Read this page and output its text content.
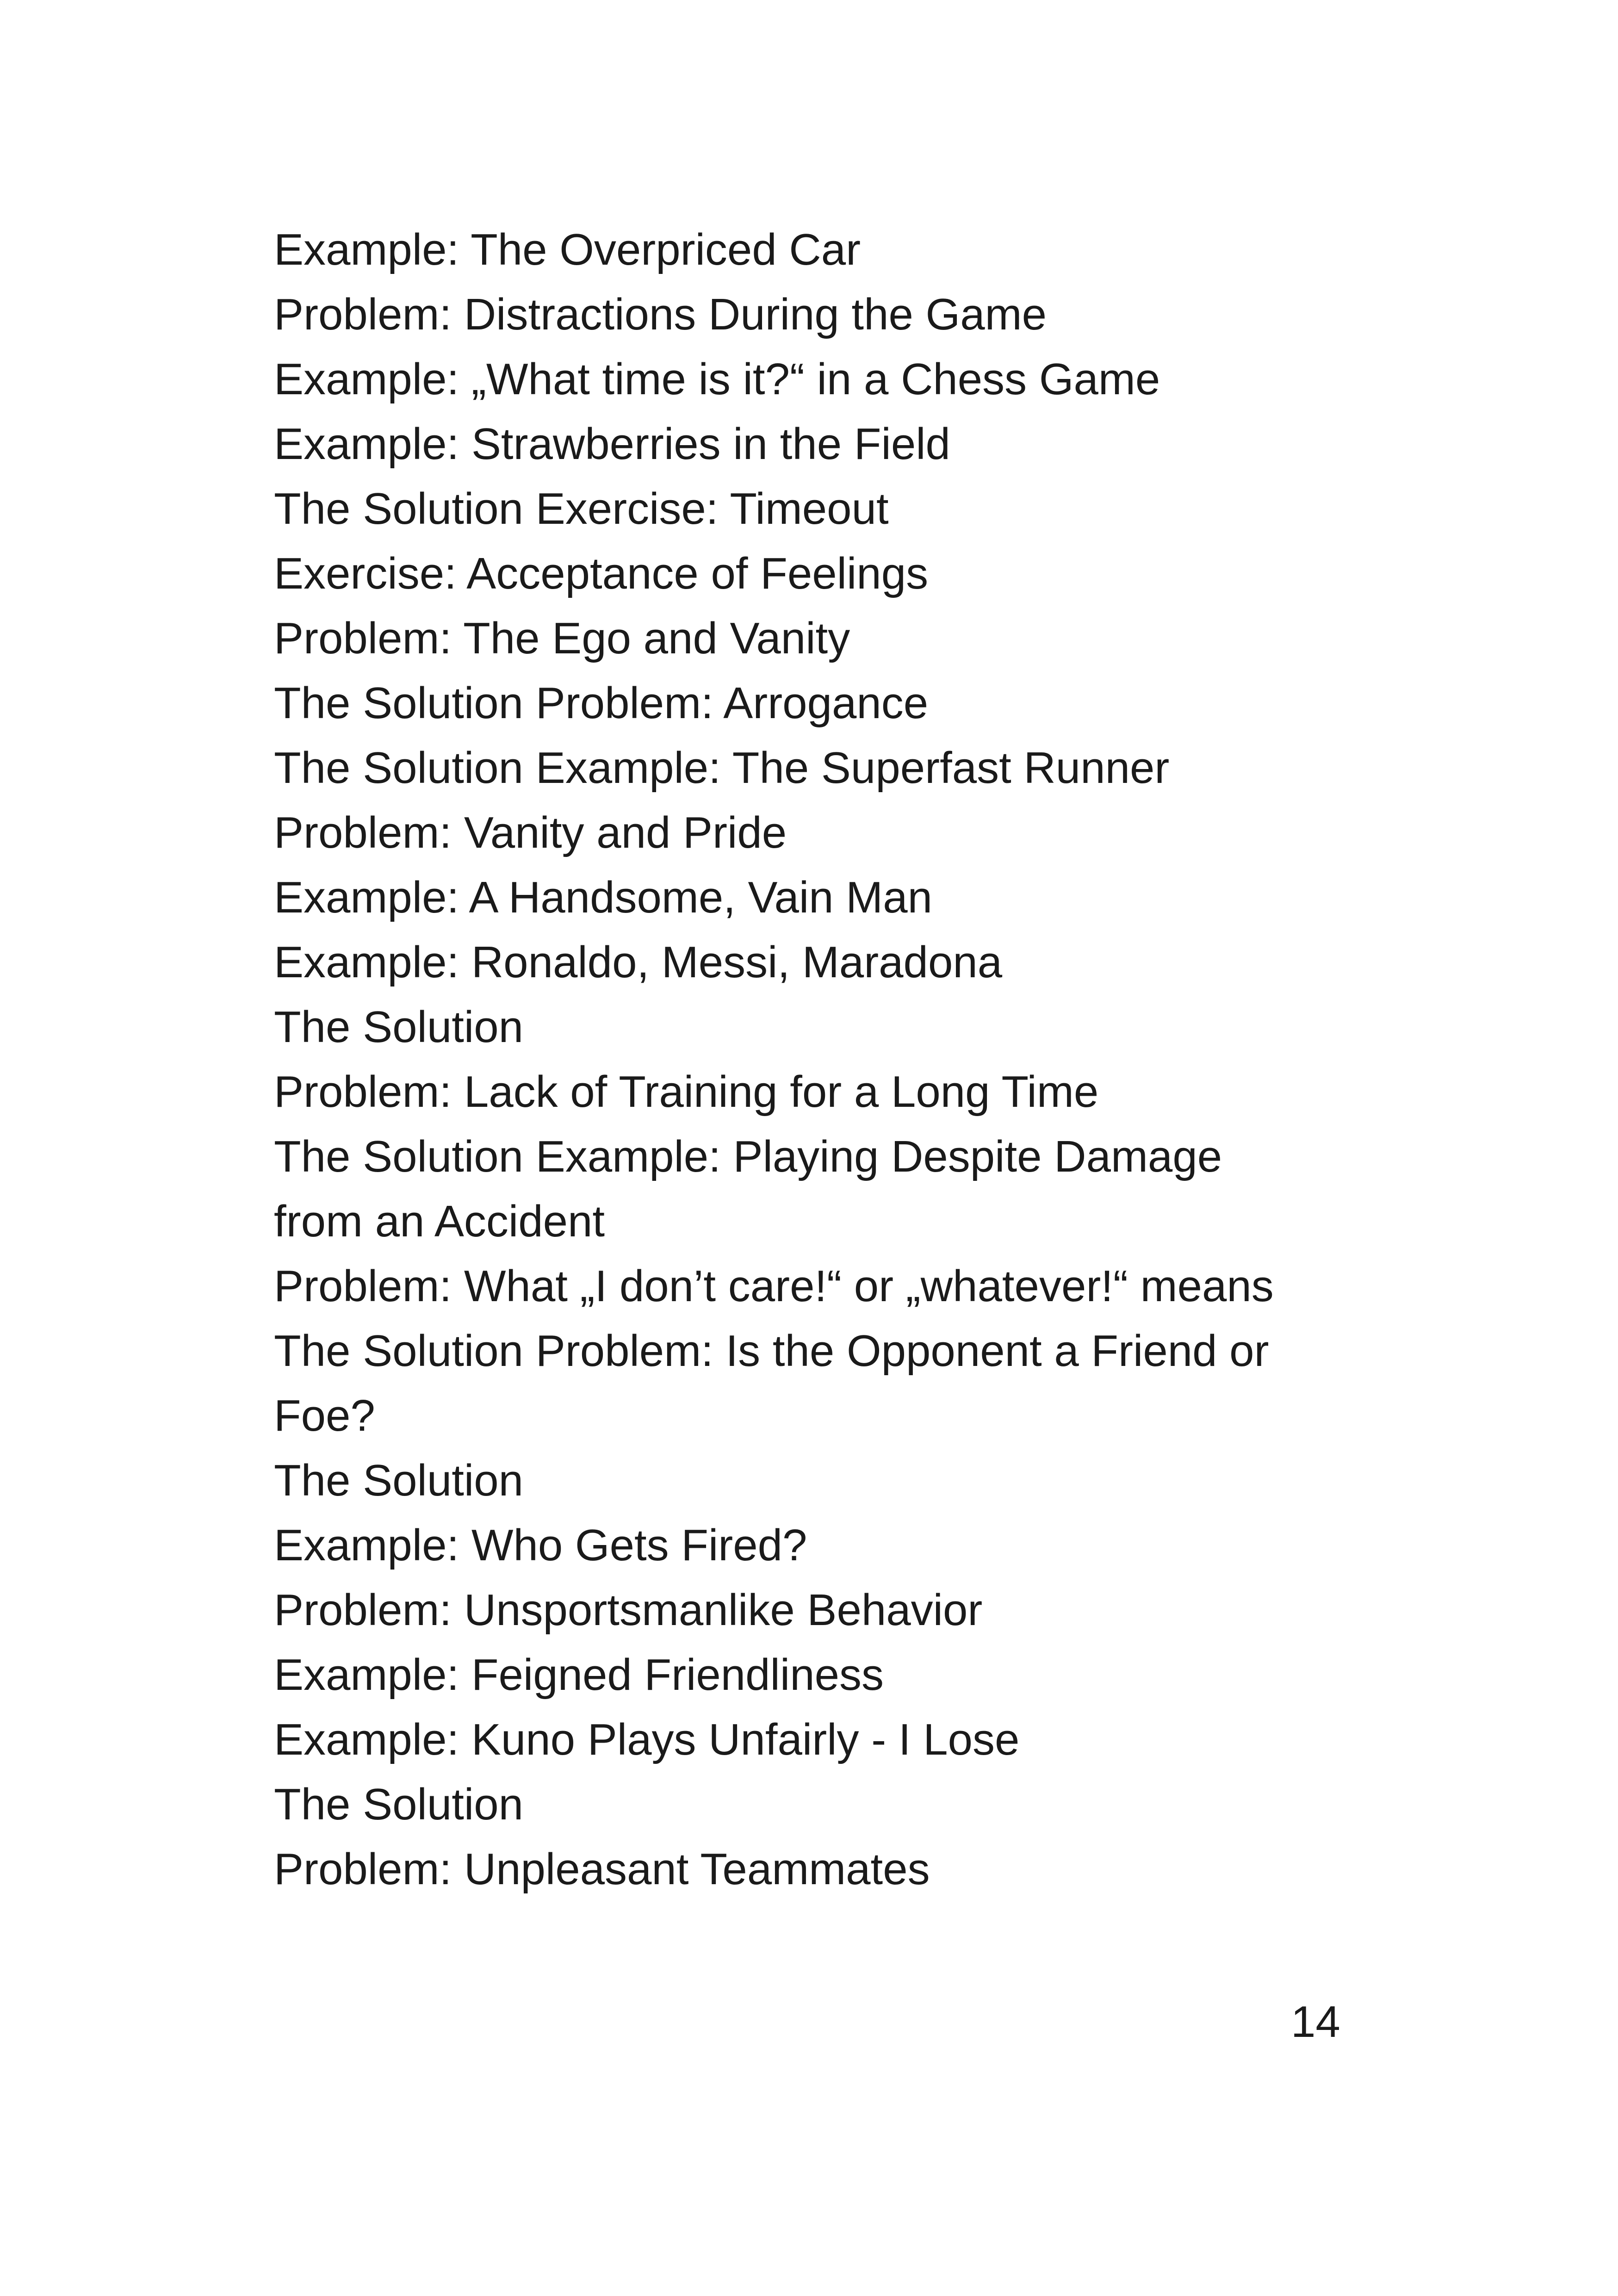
Example: The Overpriced Car
Problem: Distractions During the Game
Example: „What time is it?“ in a Chess Game
Example: Strawberries in the Field
The Solution Exercise: Timeout
Exercise: Acceptance of Feelings
Problem: The Ego and Vanity
The Solution Problem: Arrogance
The Solution Example: The Superfast Runner
Problem: Vanity and Pride
Example: A Handsome, Vain Man
Example: Ronaldo, Messi, Maradona
The Solution
Problem: Lack of Training for a Long Time
The Solution Example: Playing Despite Damage
from an Accident
Problem: What „I don’t care!“ or „whatever!“ means
The Solution Problem: Is the Opponent a Friend or
Foe?
The Solution
Example: Who Gets Fired?
Problem: Unsportsmanlike Behavior
Example: Feigned Friendliness
Example: Kuno Plays Unfairly - I Lose
The Solution
Problem: Unpleasant Teammates
14
